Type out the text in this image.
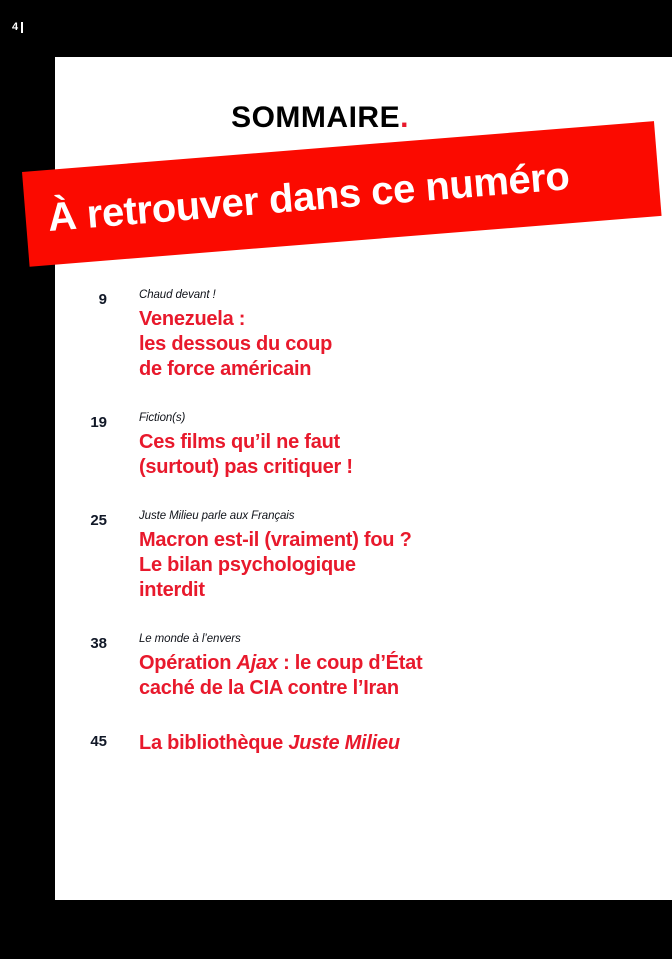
4
SOMMAIRE.
9	Chaud devant !
Venezuela :
les dessous du coup
de force américain
19	Fiction(s)
Ces films qu’il ne faut
(surtout) pas critiquer !
25	Juste Milieu parle aux Français
Macron est-il (vraiment) fou ?
Le bilan psychologique
interdit
38	Le monde à l’envers
Opération Ajax : le coup d’État
caché de la CIA contre l’Iran
45 La bibliothèque Juste Milieu
À retrouver dans ce numéro
